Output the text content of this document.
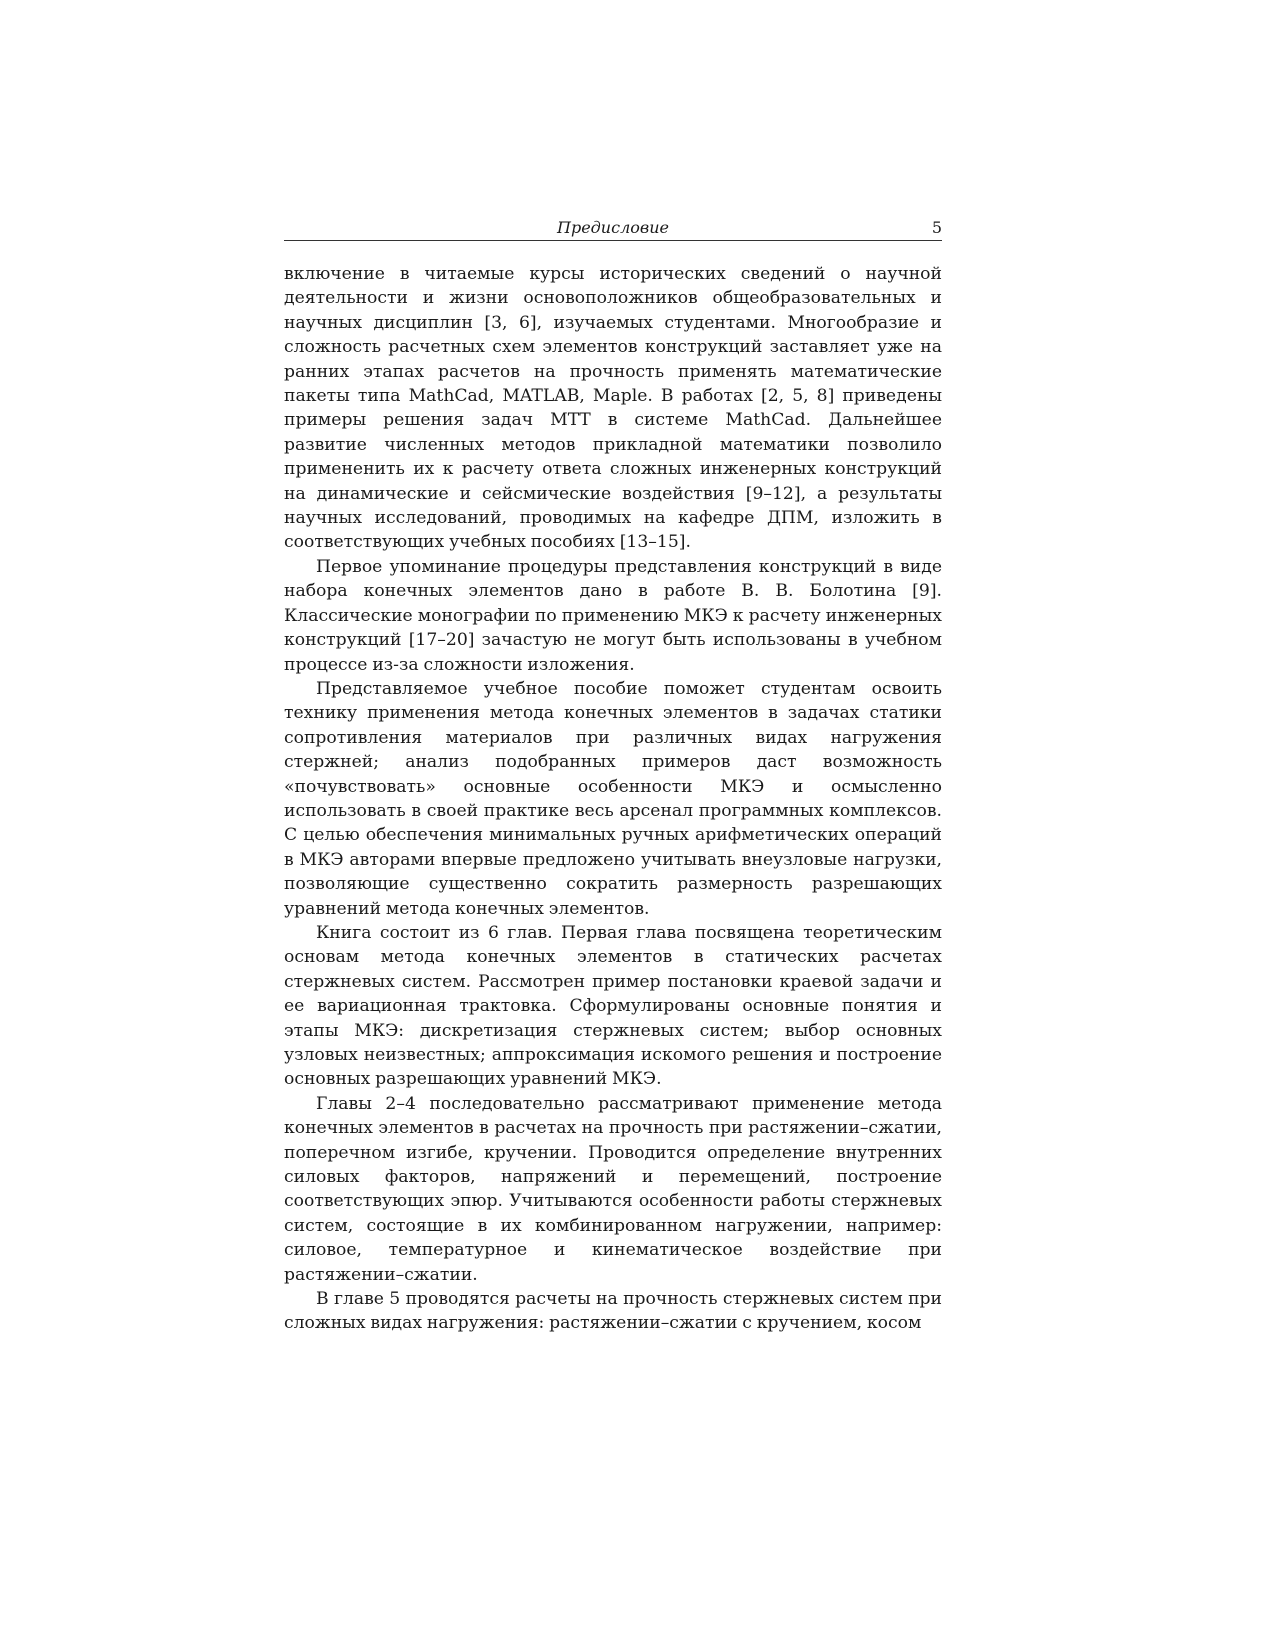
Предисловие	5

включение в читаемые курсы исторических сведений о научной деятельности и жизни основоположников общеобразовательных и научных дисциплин [3, 6], изучаемых студентами. Многообразие и сложность расчетных схем элементов конструкций заставляет уже на ранних этапах расчетов на прочность применять математические пакеты типа MathCad, MATLAB, Maple. В работах [2, 5, 8] приведены примеры решения задач МТТ в системе MathCad. Дальнейшее развитие численных методов прикладной математики позволило примененить их к расчету ответа сложных инженерных конструкций на динамические и сейсмические воздействия [9–12], а результаты научных исследований, проводимых на кафедре ДПМ, изложить в соответствующих учебных пособиях [13–15].

Первое упоминание процедуры представления конструкций в виде набора конечных элементов дано в работе В. В. Болотина [9]. Классические монографии по применению МКЭ к расчету инженерных конструкций [17–20] зачастую не могут быть использованы в учебном процессе из-за сложности изложения.

Представляемое учебное пособие поможет студентам освоить технику применения метода конечных элементов в задачах статики сопротивления материалов при различных видах нагружения стержней; анализ подобранных примеров даст возможность «почувствовать» основные особенности МКЭ и осмысленно использовать в своей практике весь арсенал программных комплексов. С целью обеспечения минимальных ручных арифметических операций в МКЭ авторами впервые предложено учитывать внеузловые нагрузки, позволяющие существенно сократить размерность разрешающих уравнений метода конечных элементов.

Книга состоит из 6 глав. Первая глава посвящена теоретическим основам метода конечных элементов в статических расчетах стержневых систем. Рассмотрен пример постановки краевой задачи и ее вариационная трактовка. Сформулированы основные понятия и этапы МКЭ: дискретизация стержневых систем; выбор основных узловых неизвестных; аппроксимация искомого решения и построение основных разрешающих уравнений МКЭ.

Главы 2–4 последовательно рассматривают применение метода конечных элементов в расчетах на прочность при растяжении–сжатии, поперечном изгибе, кручении. Проводится определение внутренних силовых факторов, напряжений и перемещений, построение соответствующих эпюр. Учитываются особенности работы стержневых систем, состоящие в их комбинированном нагружении, например: силовое, температурное и кинематическое воздействие при растяжении–сжатии.

В главе 5 проводятся расчеты на прочность стержневых систем при сложных видах нагружения: растяжении–сжатии с кручением, косом
